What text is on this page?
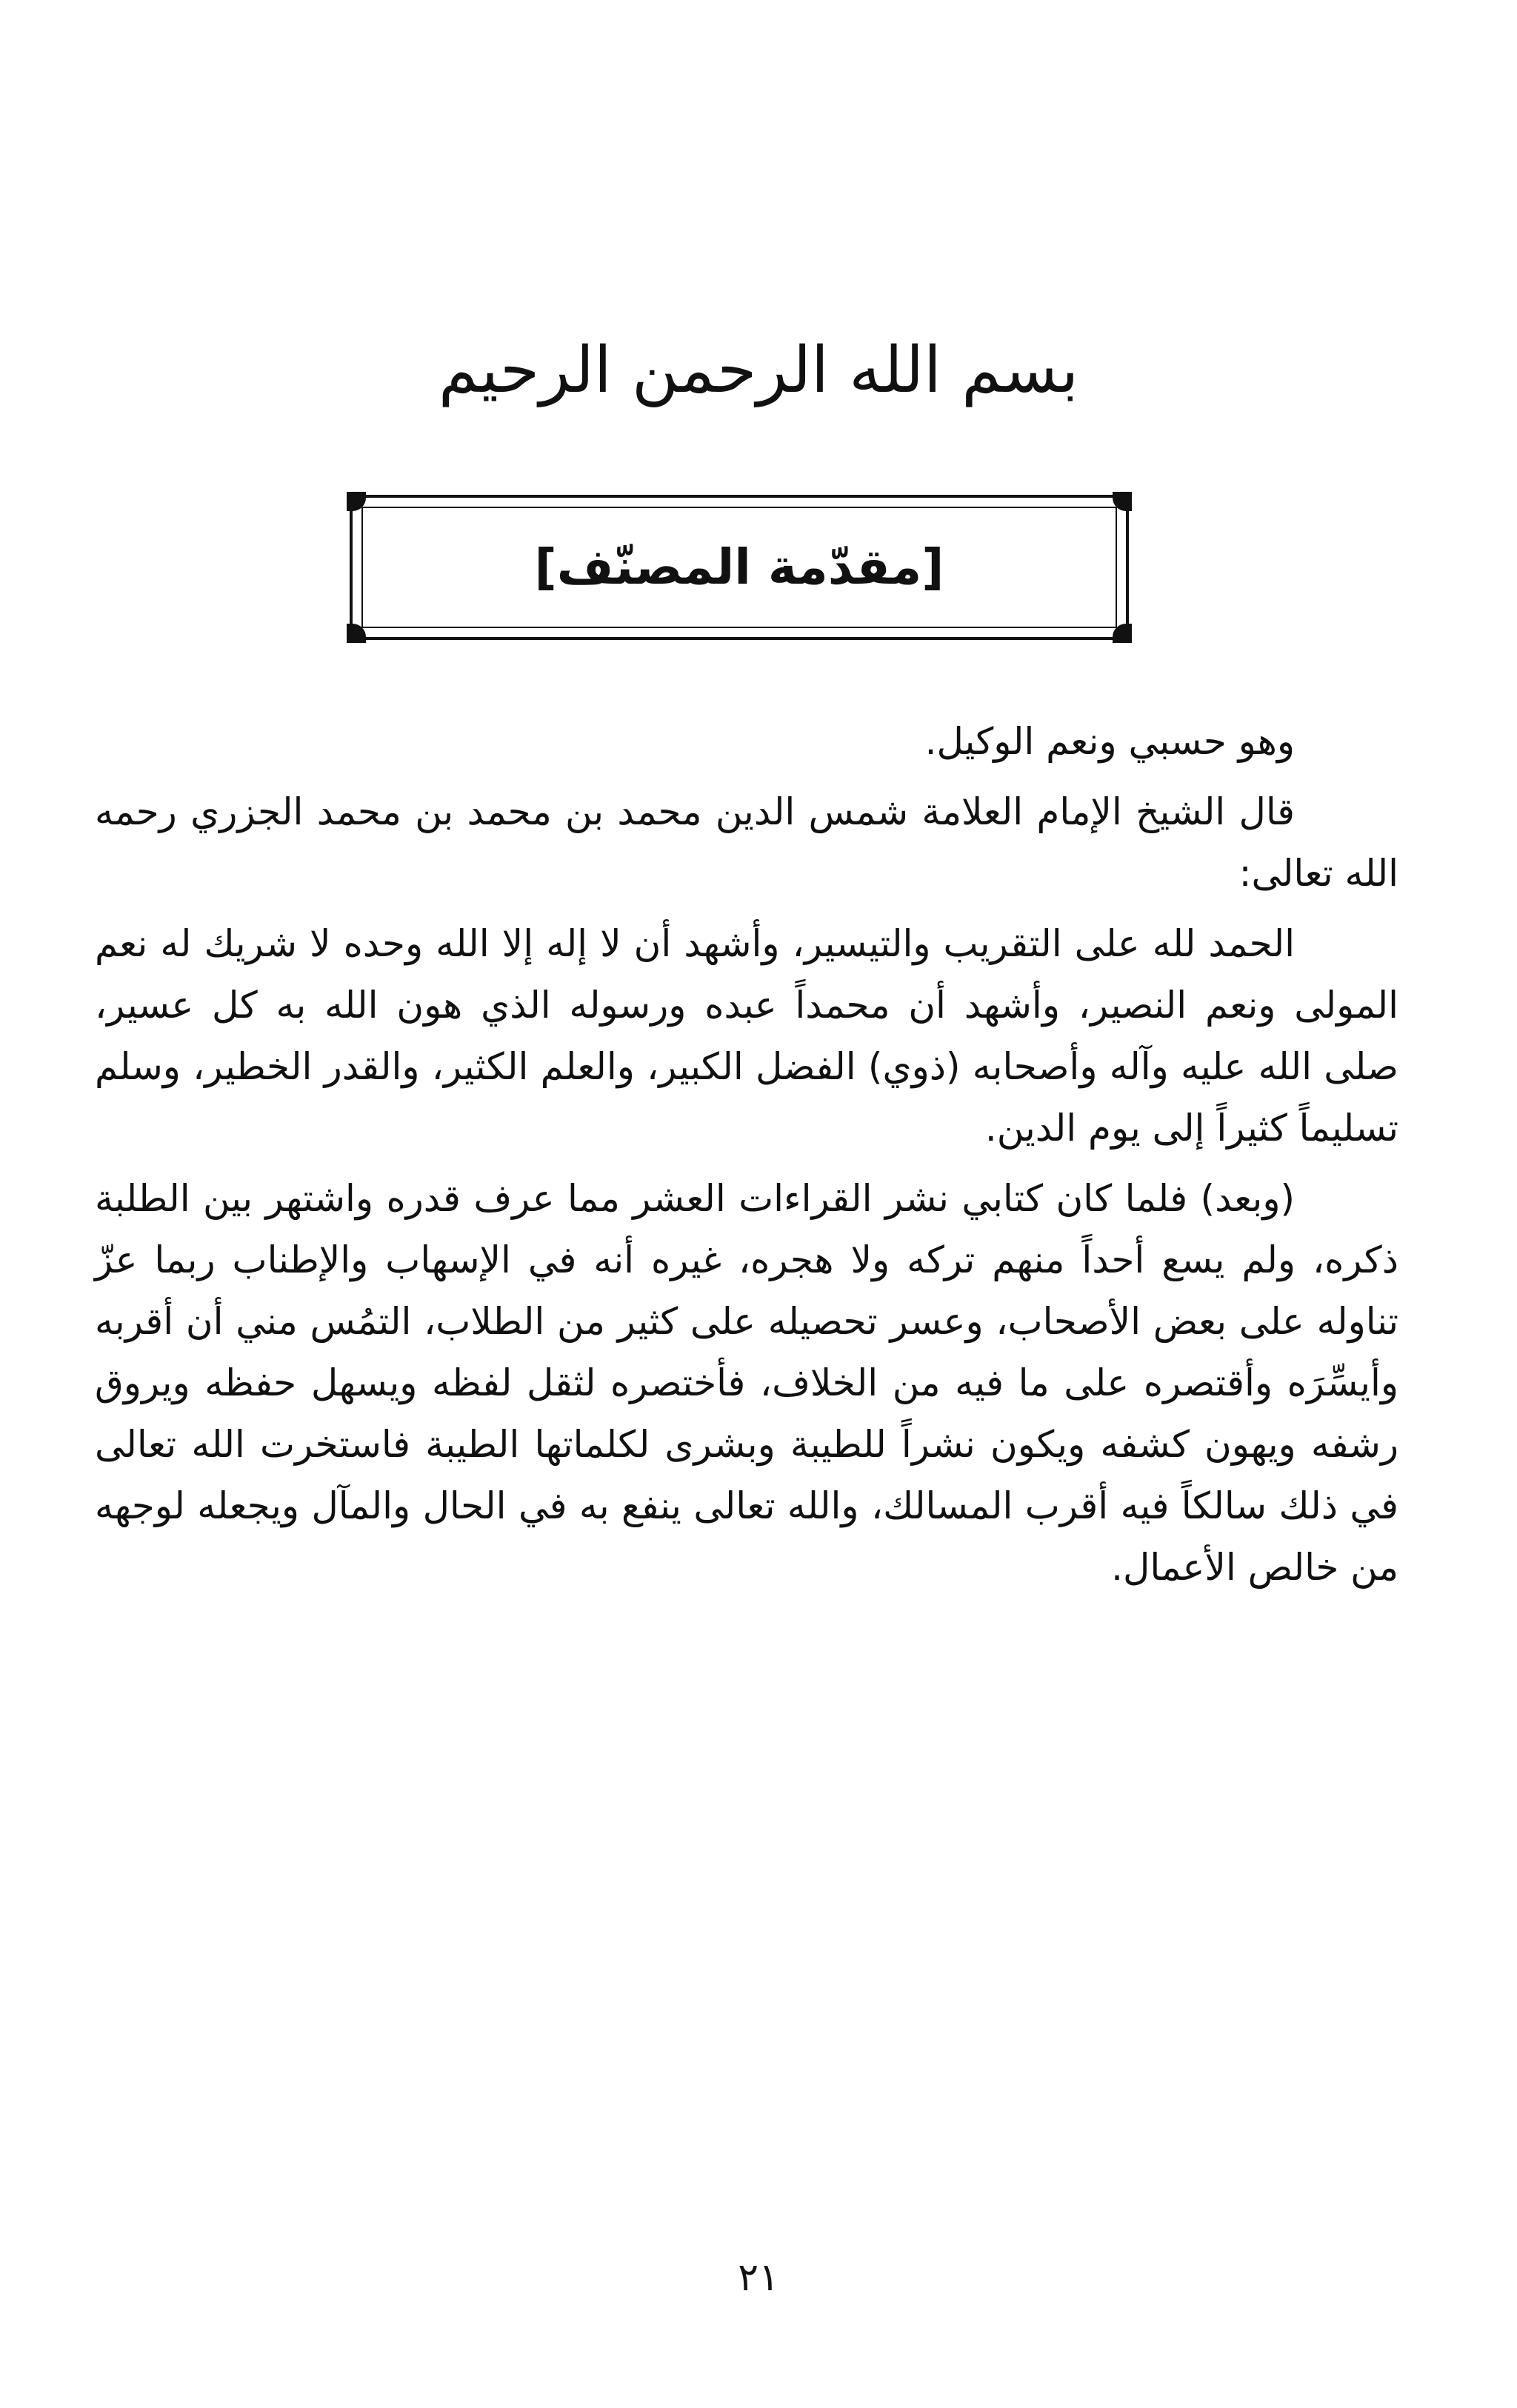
بسم الله الرحمن الرحيم
[مقدّمة المصنّف]

وهو حسبي ونعم الوكيل.

قال الشيخ الإمام العلامة شمس الدين محمد بن محمد بن محمد الجزري رحمه الله تعالى:

الحمد لله على التقريب والتيسير، وأشهد أن لا إله إلا الله وحده لا شريك له نعم المولى ونعم النصير، وأشهد أن محمداً عبده ورسوله الذي هون الله به كل عسير، صلى الله عليه وآله وأصحابه (ذوي) الفضل الكبير، والعلم الكثير، والقدر الخطير، وسلم تسليماً كثيراً إلى يوم الدين.

(وبعد) فلما كان كتابي نشر القراءات العشر مما عرف قدره واشتهر بين الطلبة ذكره، ولم يسع أحداً منهم تركه ولا هجره، غيره أنه في الإسهاب والإطناب ربما عزّ تناوله على بعض الأصحاب، وعسر تحصيله على كثير من الطلاب، التمُس مني أن أقربه وأيسِّرَه وأقتصره على ما فيه من الخلاف، فأختصره لثقل لفظه ويسهل حفظه ويروق رشفه ويهون كشفه ويكون نشراً للطيبة وبشرى لكلماتها الطيبة فاستخرت الله تعالى في ذلك سالكاً فيه أقرب المسالك، والله تعالى ينفع به في الحال والمآل ويجعله لوجهه من خالص الأعمال.

٢١
